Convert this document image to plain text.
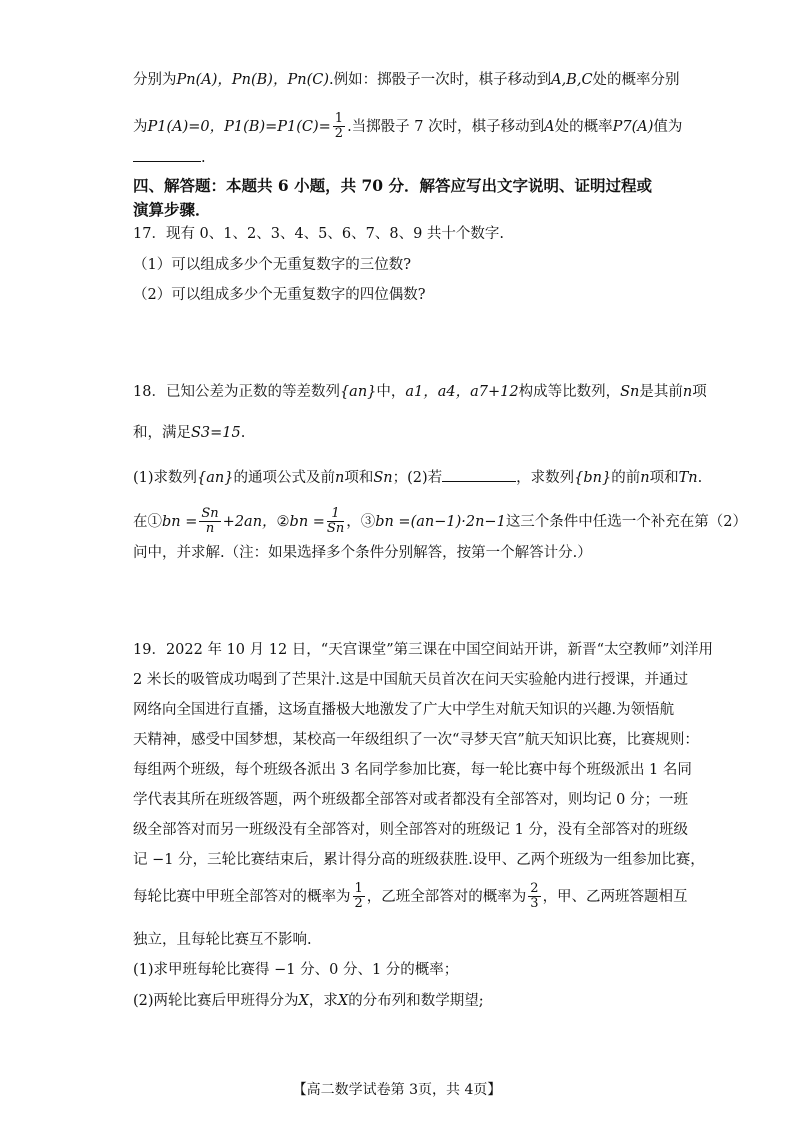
分别为Pn(A)，Pn(B)，Pn(C).例如：掷骰子一次时，棋子移动到A,B,C处的概率分别
为P1(A)=0，$P1(B)=P1(C)= \frac{1}{2}$ .当掷骰子 7 次时，棋子移动到A处的概率P7(A)值为
.
四、解答题：本题共 6 小题，共 70 分．解答应写出文字说明、证明过程或
演算步骤．
17．现有 0、1、2、3、4、5、6、7、8、9 共十个数字.
（1）可以组成多少个无重复数字的三位数?
（2）可以组成多少个无重复数字的四位偶数?
18．已知公差为正数的等差数列{an}中，a1，a4，a7+12构成等比数列，Sn是其前n项
和，满足S3=15.
(1)求数列{an}的通项公式及前n项和Sn；(2)若	，求数列{bn}的前n项和Tn.
在①bn = $\frac{Sn}{n} +2an$，②bn = $\frac{1}{Sn}$ ，③bn =(an−1)·2n−1这三个条件中任选一个补充在第（2）
问中，并求解.（注：如果选择多个条件分别解答，按第一个解答计分.）
19．2022 年 10 月 12 日，“天宫课堂”第三课在中国空间站开讲，新晋“太空教师”刘洋用
2 米长的吸管成功喝到了芒果汁.这是中国航天员首次在问天实验舱内进行授课，并通过
网络向全国进行直播，这场直播极大地激发了广大中学生对航天知识的兴趣.为领悟航
天精神，感受中国梦想，某校高一年级组织了一次“寻梦天宫”航天知识比赛，比赛规则：
每组两个班级，每个班级各派出 3 名同学参加比赛，每一轮比赛中每个班级派出 1 名同
学代表其所在班级答题，两个班级都全部答对或者都没有全部答对，则均记 0 分；一班
级全部答对而另一班级没有全部答对，则全部答对的班级记 1 分，没有全部答对的班级
记 −1 分，三轮比赛结束后，累计得分高的班级获胜.设甲、乙两个班级为一组参加比赛，
每轮比赛中甲班全部答对的概率为 $\frac{1}{2}$ ，乙班全部答对的概率为 $\frac{2}{3}$ ，甲、乙两班答题相互
独立，且每轮比赛互不影响.
(1)求甲班每轮比赛得 −1 分、0 分、1 分的概率；
(2)两轮比赛后甲班得分为X，求X的分布列和数学期望;
【高二数学试卷第 3页，共 4页】
